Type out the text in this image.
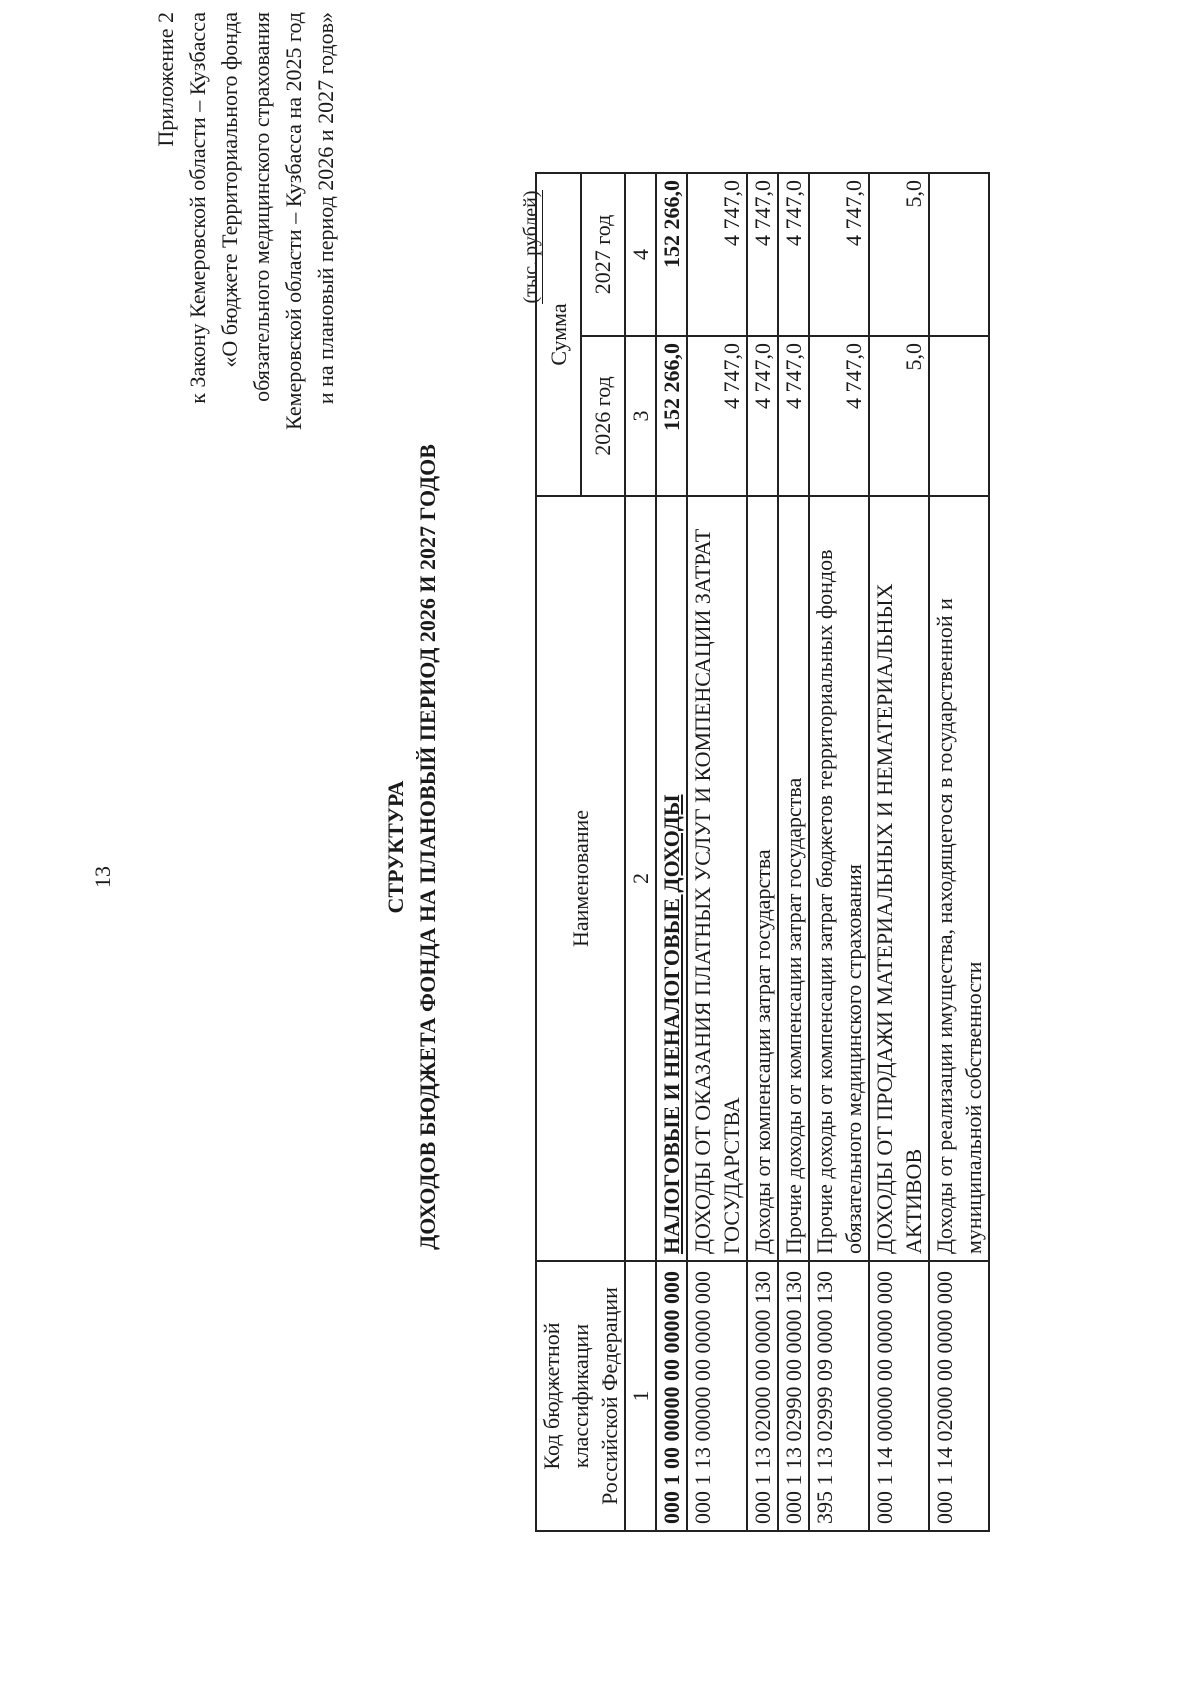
13
Приложение 2 к Закону Кемеровской области – Кузбасса «О бюджете Территориального фонда обязательного медицинского страхования Кемеровской области – Кузбасса на 2025 год и на плановый период 2026 и 2027 годов»
СТРУКТУРА ДОХОДОВ БЮДЖЕТА ФОНДА НА ПЛАНОВЫЙ ПЕРИОД 2026 И 2027 ГОДОВ
(тыс. рублей)
Код бюджетной классификации Российской Федерации	Наименование	Сумма	
		2026 год	2027 год
1	2	3	4
000 1 00 00000 00 0000 000	НАЛОГОВЫЕ И НЕНАЛОГОВЫЕ ДОХОДЫ	152 266,0	152 266,0
000 1 13 00000 00 0000 000	ДОХОДЫ ОТ ОКАЗАНИЯ ПЛАТНЫХ УСЛУГ И КОМПЕНСАЦИИ ЗАТРАТ ГОСУДАРСТВА	4 747,0	4 747,0
000 1 13 02000 00 0000 130	Доходы от компенсации затрат государства	4 747,0	4 747,0
000 1 13 02990 00 0000 130	Прочие доходы от компенсации затрат государства	4 747,0	4 747,0
395 1 13 02999 09 0000 130	Прочие доходы от компенсации затрат бюджетов территориальных фондов обязательного медицинского страхования	4 747,0	4 747,0
000 1 14 00000 00 0000 000	ДОХОДЫ ОТ ПРОДАЖИ МАТЕРИАЛЬНЫХ И НЕМАТЕРИАЛЬНЫХ АКТИВОВ	5,0	5,0
000 1 14 02000 00 0000 000	Доходы от реализации имущества, находящегося в государственной и муниципальной собственности		
